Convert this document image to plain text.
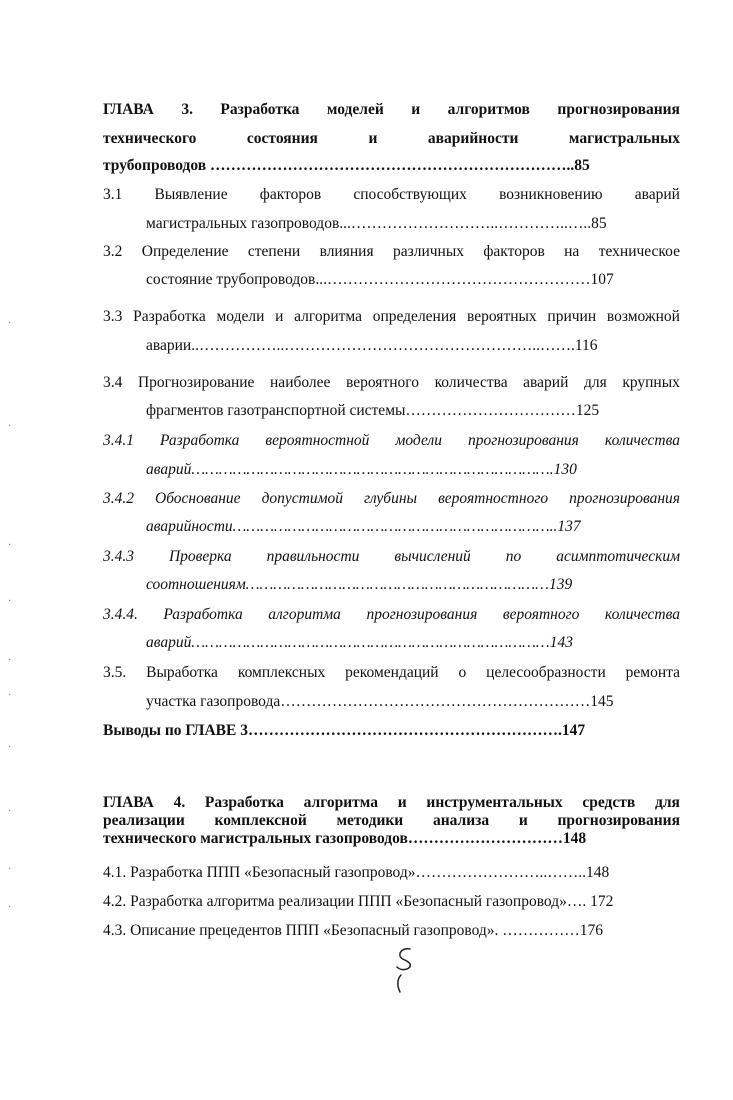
ГЛАВА 3. Разработка моделей и алгоритмов прогнозирования
технического	состояния	и	аварийности	магистральных
трубопроводов ……………………………………………………………..85
3.1 Выявление факторов способствующих возникновению аварий
магистральных газопроводов...………………………..…………..…..85
3.2 Определение степени влияния различных факторов на техническое
состояние трубопроводов...……………………………………………107
3.3 Разработка модели и алгоритма определения вероятных причин возможной
аварии..……………..…………………………………………..…….116
3.4 Прогнозирование наиболее вероятного количества аварий для крупных
фрагментов газотранспортной системы……………………………125
3.4.1 Разработка вероятностной модели прогнозирования количества
аварий…………………………………………………………………….130
3.4.2 Обоснование допустимой глубины вероятностного прогнозирования
аварийности……………………………………………………………..137
3.4.3 Проверка правильности вычислений по асимптотическим
соотношениям…………………………………………………………139
3.4.4. Разработка алгоритма прогнозирования вероятного количества
аварий……………………………………………………………………143
3.5. Выработка комплексных рекомендаций о целесообразности ремонта
участка газопровода……………………………………………………145
Выводы по ГЛАВЕ 3…………………………………………………….147
ГЛАВА 4. Разработка алгоритма и инструментальных средств для
реализации комплексной методики анализа и прогнозирования
технического магистральных газопроводов…………………………148
4.1. Разработка ППП «Безопасный газопровод»……………………..……..148
4.2. Разработка алгоритма реализации ППП «Безопасный газопровод»…. 172
4.3. Описание прецедентов ППП «Безопасный газопровод». ……………176
·
·
·
·
·
·
·
·
·
·
